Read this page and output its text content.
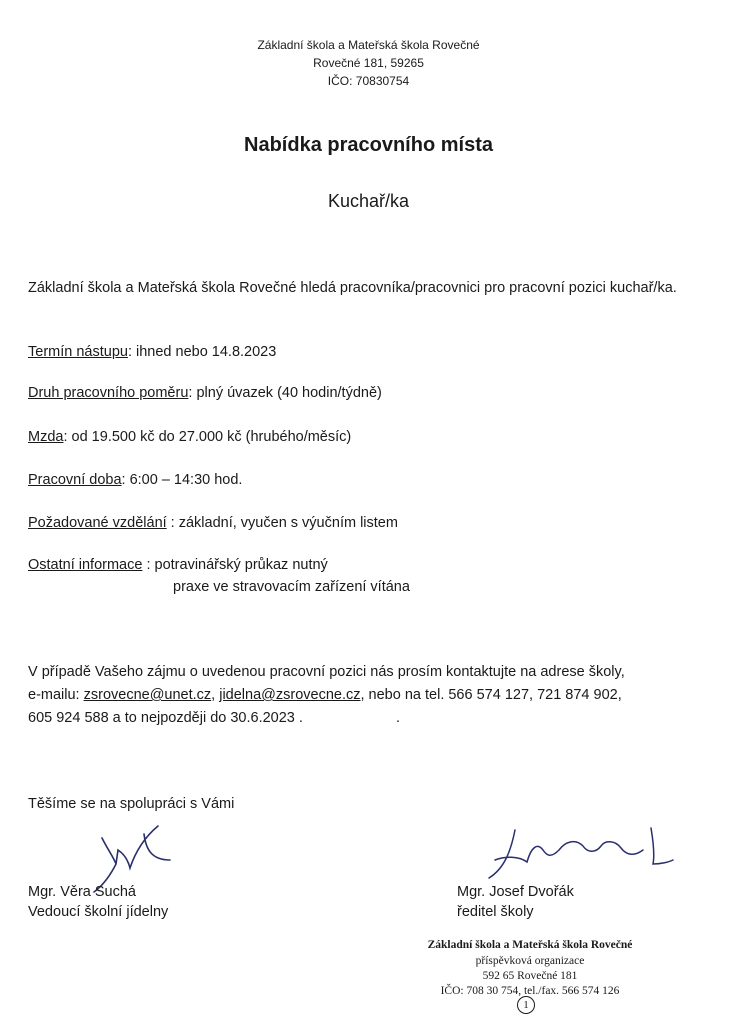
Základní škola a Mateřská škola Rovečné
Rovečné 181, 59265
IČO: 70830754
Nabídka pracovního místa
Kuchař/ka
Základní škola a Mateřská škola Rovečné hledá pracovníka/pracovnici pro pracovní pozici kuchař/ka.
Termín nástupu: ihned nebo 14.8.2023
Druh pracovního poměru: plný úvazek (40 hodin/týdně)
Mzda: od 19.500 kč do 27.000 kč (hrubého/měsíc)
Pracovní doba: 6:00 – 14:30 hod.
Požadované vzdělání : základní, vyučen s výučním listem
Ostatní informace : potravinářský průkaz nutný
praxe ve stravovacím zařízení vítána
V případě Vašeho zájmu o uvedenou pracovní pozici nás prosím kontaktujte na adrese školy,
e-mailu: zsrovecne@unet.cz, jidelna@zsrovecne.cz, nebo na tel. 566 574 127, 721 874 902,
605 924 588 a to nejpozději do 30.6.2023 .	.
Těšíme se na spolupráci s Vámi
Mgr. Věra Suchá
Vedoucí školní jídelny
Mgr. Josef Dvořák
ředitel školy
Základní škola a Mateřská škola Rovečné
příspěvková organizace
592 65 Rovečné 181
IČO: 708 30 754, tel./fax. 566 574 126
1
